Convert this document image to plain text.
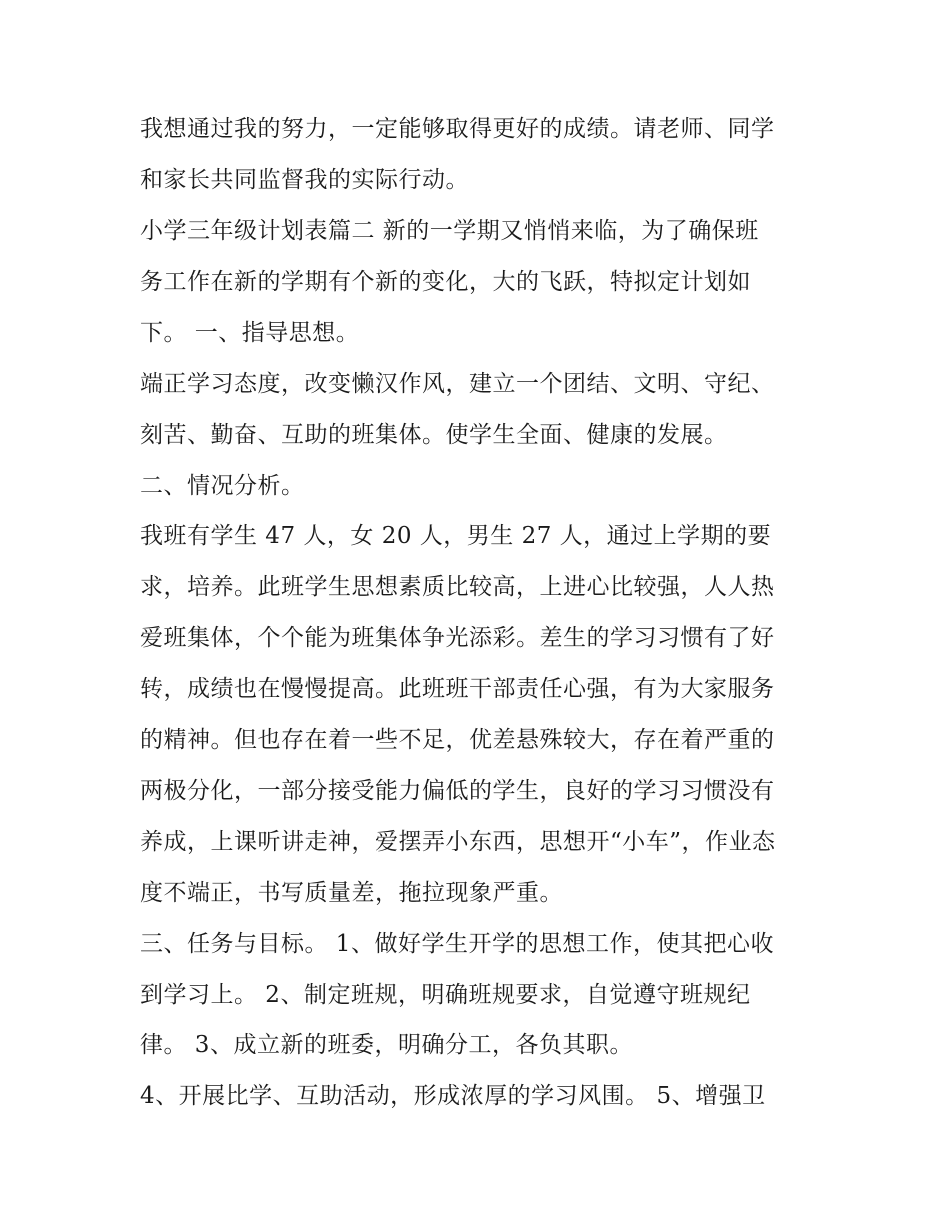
我想通过我的努力，一定能够取得更好的成绩。请老师、同学
和家长共同监督我的实际行动。
小学三年级计划表篇二 新的一学期又悄悄来临，为了确保班
务工作在新的学期有个新的变化，大的飞跃，特拟定计划如
下。 一、指导思想。
端正学习态度，改变懒汉作风，建立一个团结、文明、守纪、
刻苦、勤奋、互助的班集体。使学生全面、健康的发展。
二、情况分析。
我班有学生 47 人，女 20 人，男生 27 人，通过上学期的要
求，培养。此班学生思想素质比较高，上进心比较强，人人热
爱班集体，个个能为班集体争光添彩。差生的学习习惯有了好
转，成绩也在慢慢提高。此班班干部责任心强，有为大家服务
的精神。但也存在着一些不足，优差悬殊较大，存在着严重的
两极分化，一部分接受能力偏低的学生，良好的学习习惯没有
养成，上课听讲走神，爱摆弄小东西，思想开“小车”，作业态
度不端正，书写质量差，拖拉现象严重。
三、任务与目标。 1、做好学生开学的思想工作，使其把心收
到学习上。 2、制定班规，明确班规要求，自觉遵守班规纪
律。 3、成立新的班委，明确分工，各负其职。
4、开展比学、互助活动，形成浓厚的学习风围。 5、增强卫
